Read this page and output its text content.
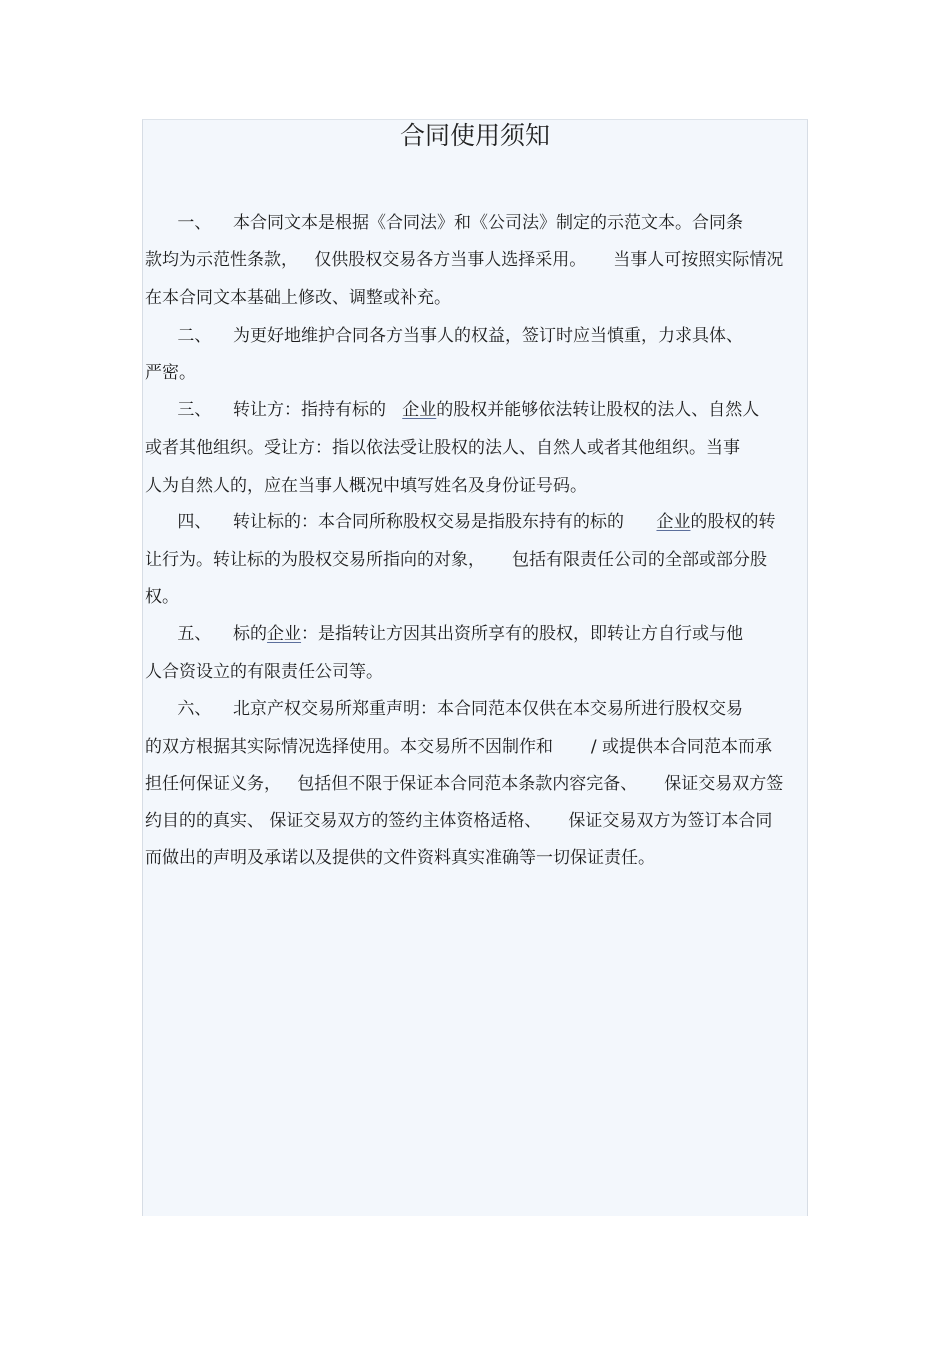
合同使用须知
一、    本合同文本是根据《合同法》和《公司法》制定的示范文本。合同条
款均为示范性条款，   仅供股权交易各方当事人选择采用。     当事人可按照实际情况
在本合同文本基础上修改、调整或补充。
二、    为更好地维护合同各方当事人的权益，签订时应当慎重，力求具体、
严密。
三、    转让方：指持有标的   企业的股权并能够依法转让股权的法人、自然人
或者其他组织。受让方：指以依法受让股权的法人、自然人或者其他组织。当事
人为自然人的，应在当事人概况中填写姓名及身份证号码。
四、    转让标的：本合同所称股权交易是指股东持有的标的      企业的股权的转
让行为。转让标的为股权交易所指向的对象，     包括有限责任公司的全部或部分股
权。
五、    标的企业：是指转让方因其出资所享有的股权，即转让方自行或与他
人合资设立的有限责任公司等。
六、    北京产权交易所郑重声明：本合同范本仅供在本交易所进行股权交易
的双方根据其实际情况选择使用。本交易所不因制作和       / 或提供本合同范本而承
担任何保证义务，   包括但不限于保证本合同范本条款内容完备、     保证交易双方签
约目的的真实、 保证交易双方的签约主体资格适格、     保证交易双方为签订本合同
而做出的声明及承诺以及提供的文件资料真实准确等一切保证责任。
